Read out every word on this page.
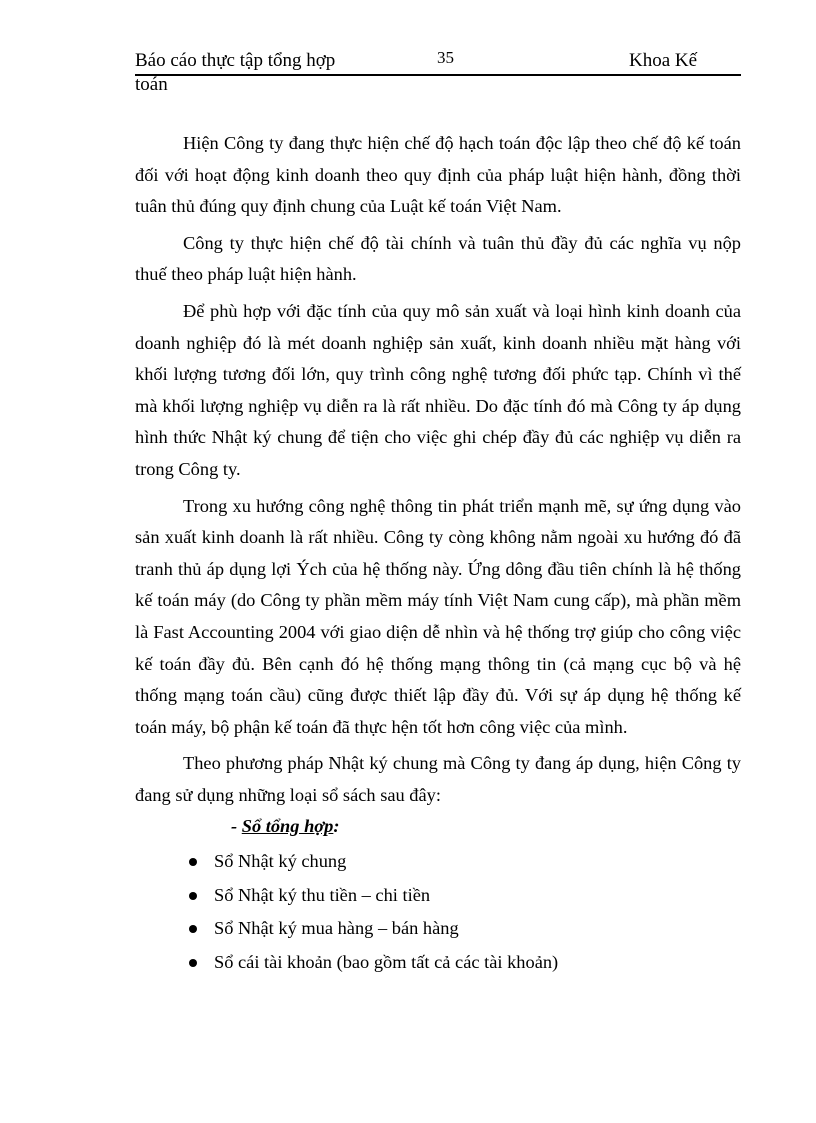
Báo cáo thực tập tổng hợp	35	Khoa Kế
toán

Hiện Công ty đang thực hiện chế độ hạch toán độc lập theo chế độ kế toán đối với hoạt động kinh doanh theo quy định của pháp luật hiện hành, đồng thời tuân thủ đúng quy định chung của Luật kế toán Việt Nam.

Công ty thực hiện chế độ tài chính và tuân thủ đầy đủ các nghĩa vụ nộp thuế theo pháp luật hiện hành.

Để phù hợp với đặc tính của quy mô sản xuất và loại hình kinh doanh của doanh nghiệp đó là mét doanh nghiệp sản xuất, kinh doanh nhiều mặt hàng với khối lượng tương đối lớn, quy trình công nghệ tương đối phức tạp. Chính vì thế mà khối lượng nghiệp vụ diễn ra là rất nhiều. Do đặc tính đó mà Công ty áp dụng hình thức Nhật ký chung để tiện cho việc ghi chép đầy đủ các nghiệp vụ diễn ra trong Công ty.

Trong xu hướng công nghệ thông tin phát triển mạnh mẽ, sự ứng dụng vào sản xuất kinh doanh là rất nhiều. Công ty còng không nằm ngoài xu hướng đó đã tranh thủ áp dụng lợi Ých của hệ thống này. Ứng dông đầu tiên chính là hệ thống kế toán máy (do Công ty phần mềm máy tính Việt Nam cung cấp), mà phần mềm là Fast Accounting 2004 với giao diện dễ nhìn và hệ thống trợ giúp cho công việc kế toán đầy đủ. Bên cạnh đó hệ thống mạng thông tin (cả mạng cục bộ và hệ thống mạng toán cầu) cũng được thiết lập đầy đủ. Với sự áp dụng hệ thống kế toán máy, bộ phận kế toán đã thực hện tốt hơn công việc của mình.

Theo phương pháp Nhật ký chung mà Công ty đang áp dụng, hiện Công ty đang sử dụng những loại sổ sách sau đây:

- Sổ tổng hợp:

Sổ Nhật ký chung
Sổ Nhật ký thu tiền – chi tiền
Sổ Nhật ký mua hàng – bán hàng
Sổ cái tài khoản (bao gồm tất cả các tài khoản)
